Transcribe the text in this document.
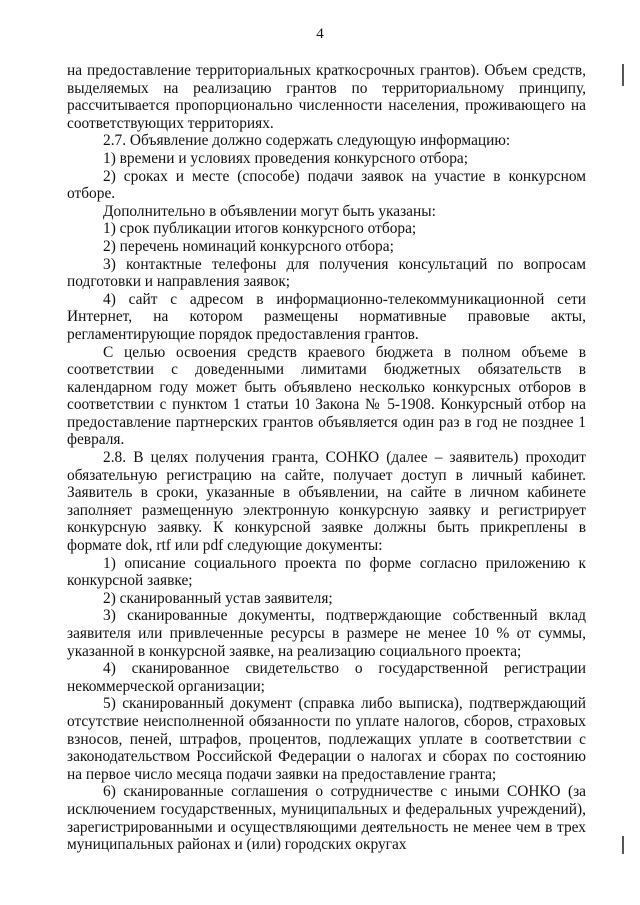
4

на предоставление территориальных краткосрочных грантов). Объем средств, выделяемых на реализацию грантов по территориальному принципу, рассчитывается пропорционально численности населения, проживающего на соответствующих территориях.

2.7. Объявление должно содержать следующую информацию:

1) времени и условиях проведения конкурсного отбора;

2) сроках и месте (способе) подачи заявок на участие в конкурсном отборе.

Дополнительно в объявлении могут быть указаны:

1) срок публикации итогов конкурсного отбора;

2) перечень номинаций конкурсного отбора;

3) контактные телефоны для получения консультаций по вопросам подготовки и направления заявок;

4) сайт с адресом в информационно-телекоммуникационной сети Интернет, на котором размещены нормативные правовые акты, регламентирующие порядок предоставления грантов.

С целью освоения средств краевого бюджета в полном объеме в соответствии с доведенными лимитами бюджетных обязательств в календарном году может быть объявлено несколько конкурсных отборов в соответствии с пунктом 1 статьи 10 Закона № 5-1908. Конкурсный отбор на предоставление партнерских грантов объявляется один раз в год не позднее 1 февраля.

2.8. В целях получения гранта, СОНКО (далее – заявитель) проходит обязательную регистрацию на сайте, получает доступ в личный кабинет. Заявитель в сроки, указанные в объявлении, на сайте в личном кабинете заполняет размещенную электронную конкурсную заявку и регистрирует конкурсную заявку. К конкурсной заявке должны быть прикреплены в формате dok, rtf или pdf следующие документы:

1) описание социального проекта по форме согласно приложению к конкурсной заявке;

2) сканированный устав заявителя;

3) сканированные документы, подтверждающие собственный вклад заявителя или привлеченные ресурсы в размере не менее 10 % от суммы, указанной в конкурсной заявке, на реализацию социального проекта;

4) сканированное свидетельство о государственной регистрации некоммерческой организации;

5) сканированный документ (справка либо выписка), подтверждающий отсутствие неисполненной обязанности по уплате налогов, сборов, страховых взносов, пеней, штрафов, процентов, подлежащих уплате в соответствии с законодательством Российской Федерации о налогах и сборах по состоянию на первое число месяца подачи заявки на предоставление гранта;

6) сканированные соглашения о сотрудничестве с иными СОНКО (за исключением государственных, муниципальных и федеральных учреждений), зарегистрированными и осуществляющими деятельность не менее чем в трех муниципальных районах и (или) городских округах
